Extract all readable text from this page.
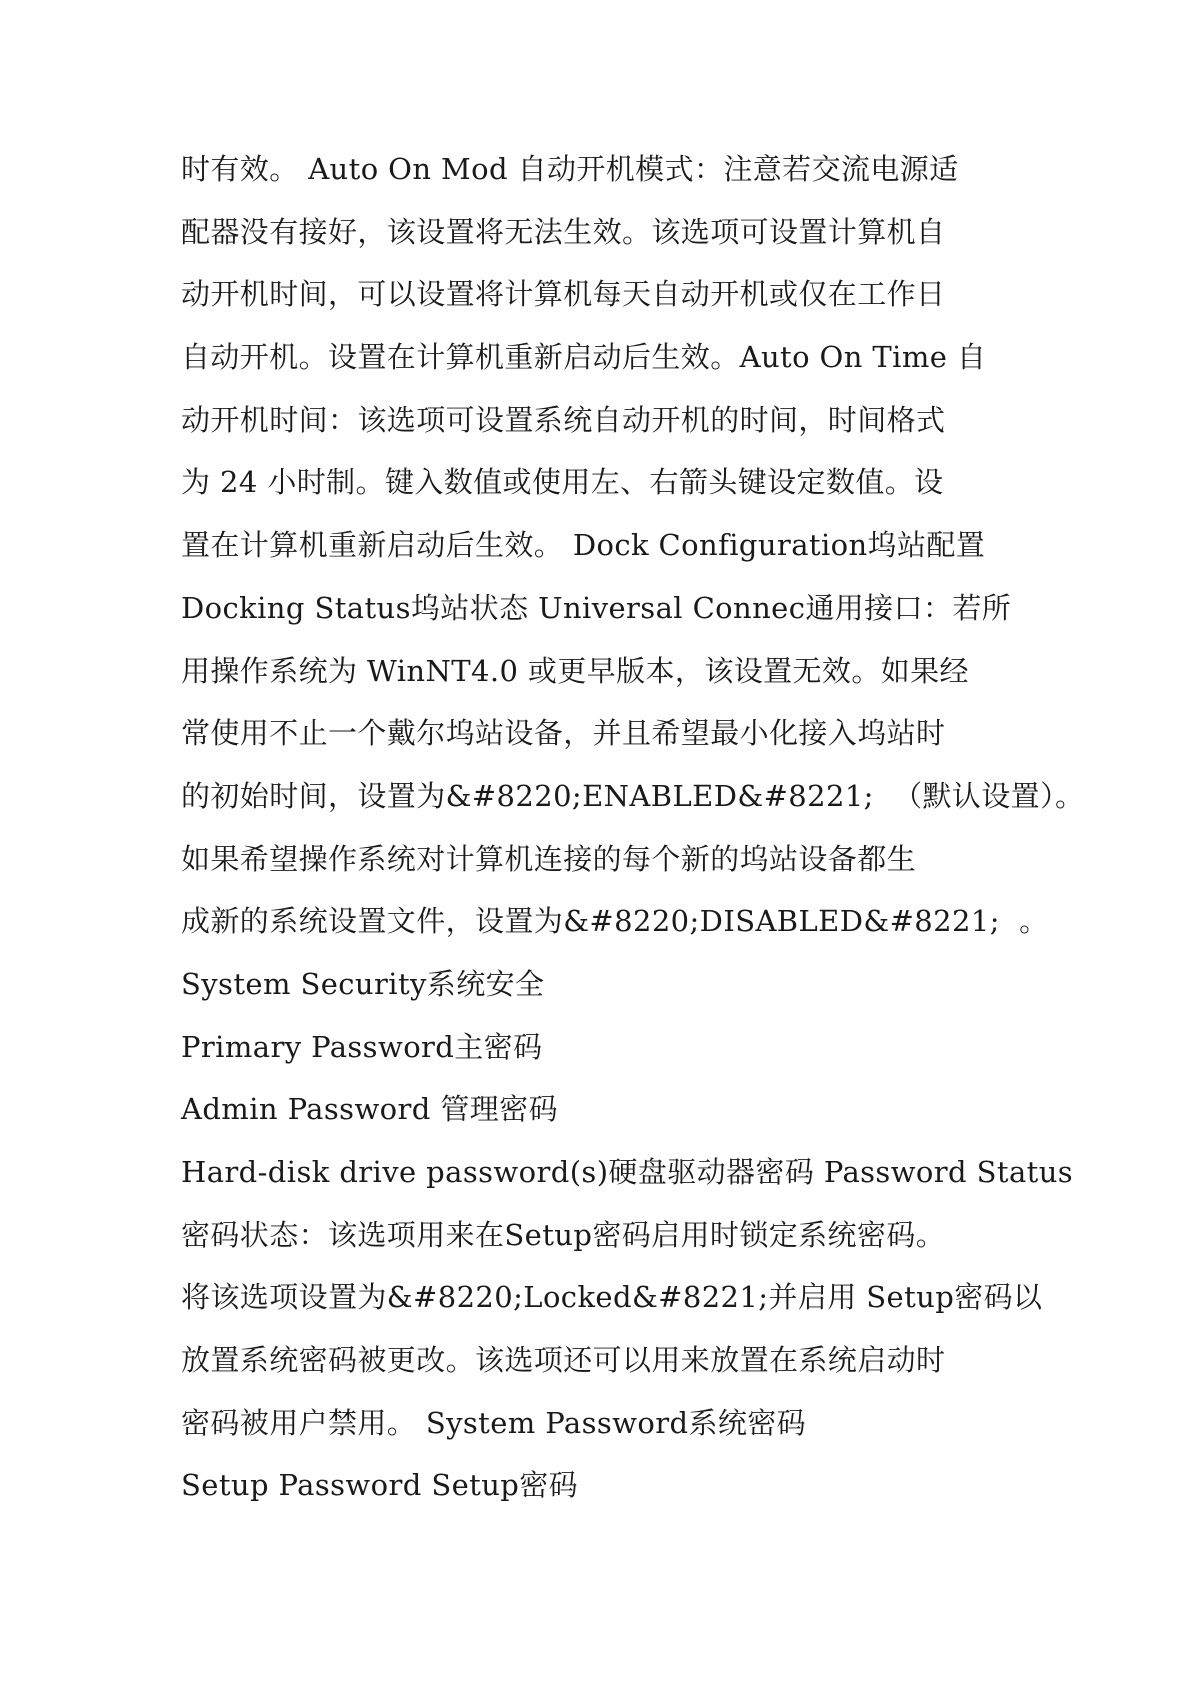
时有效。 Auto On Mod 自动开机模式：注意若交流电源适
配器没有接好，该设置将无法生效。该选项可设置计算机自
动开机时间，可以设置将计算机每天自动开机或仅在工作日
自动开机。设置在计算机重新启动后生效。Auto On Time 自
动开机时间：该选项可设置系统自动开机的时间，时间格式
为 24 小时制。键入数值或使用左、右箭头键设定数值。设
置在计算机重新启动后生效。 Dock Configuration坞站配置
Docking Status坞站状态 Universal Connec通用接口：若所
用操作系统为 WinNT4.0 或更早版本，该设置无效。如果经
常使用不止一个戴尔坞站设备，并且希望最小化接入坞站时
的初始时间，设置为&#8220;ENABLED&#8221;  （默认设置）。
如果希望操作系统对计算机连接的每个新的坞站设备都生
成新的系统设置文件，设置为&#8220;DISABLED&#8221;  。
System Security系统安全
Primary Password主密码
Admin Password 管理密码
Hard-disk drive password(s)硬盘驱动器密码 Password Status
密码状态：该选项用来在Setup密码启用时锁定系统密码。
将该选项设置为&#8220;Locked&#8221;并启用 Setup密码以
放置系统密码被更改。该选项还可以用来放置在系统启动时
密码被用户禁用。 System Password系统密码
Setup Password Setup密码
